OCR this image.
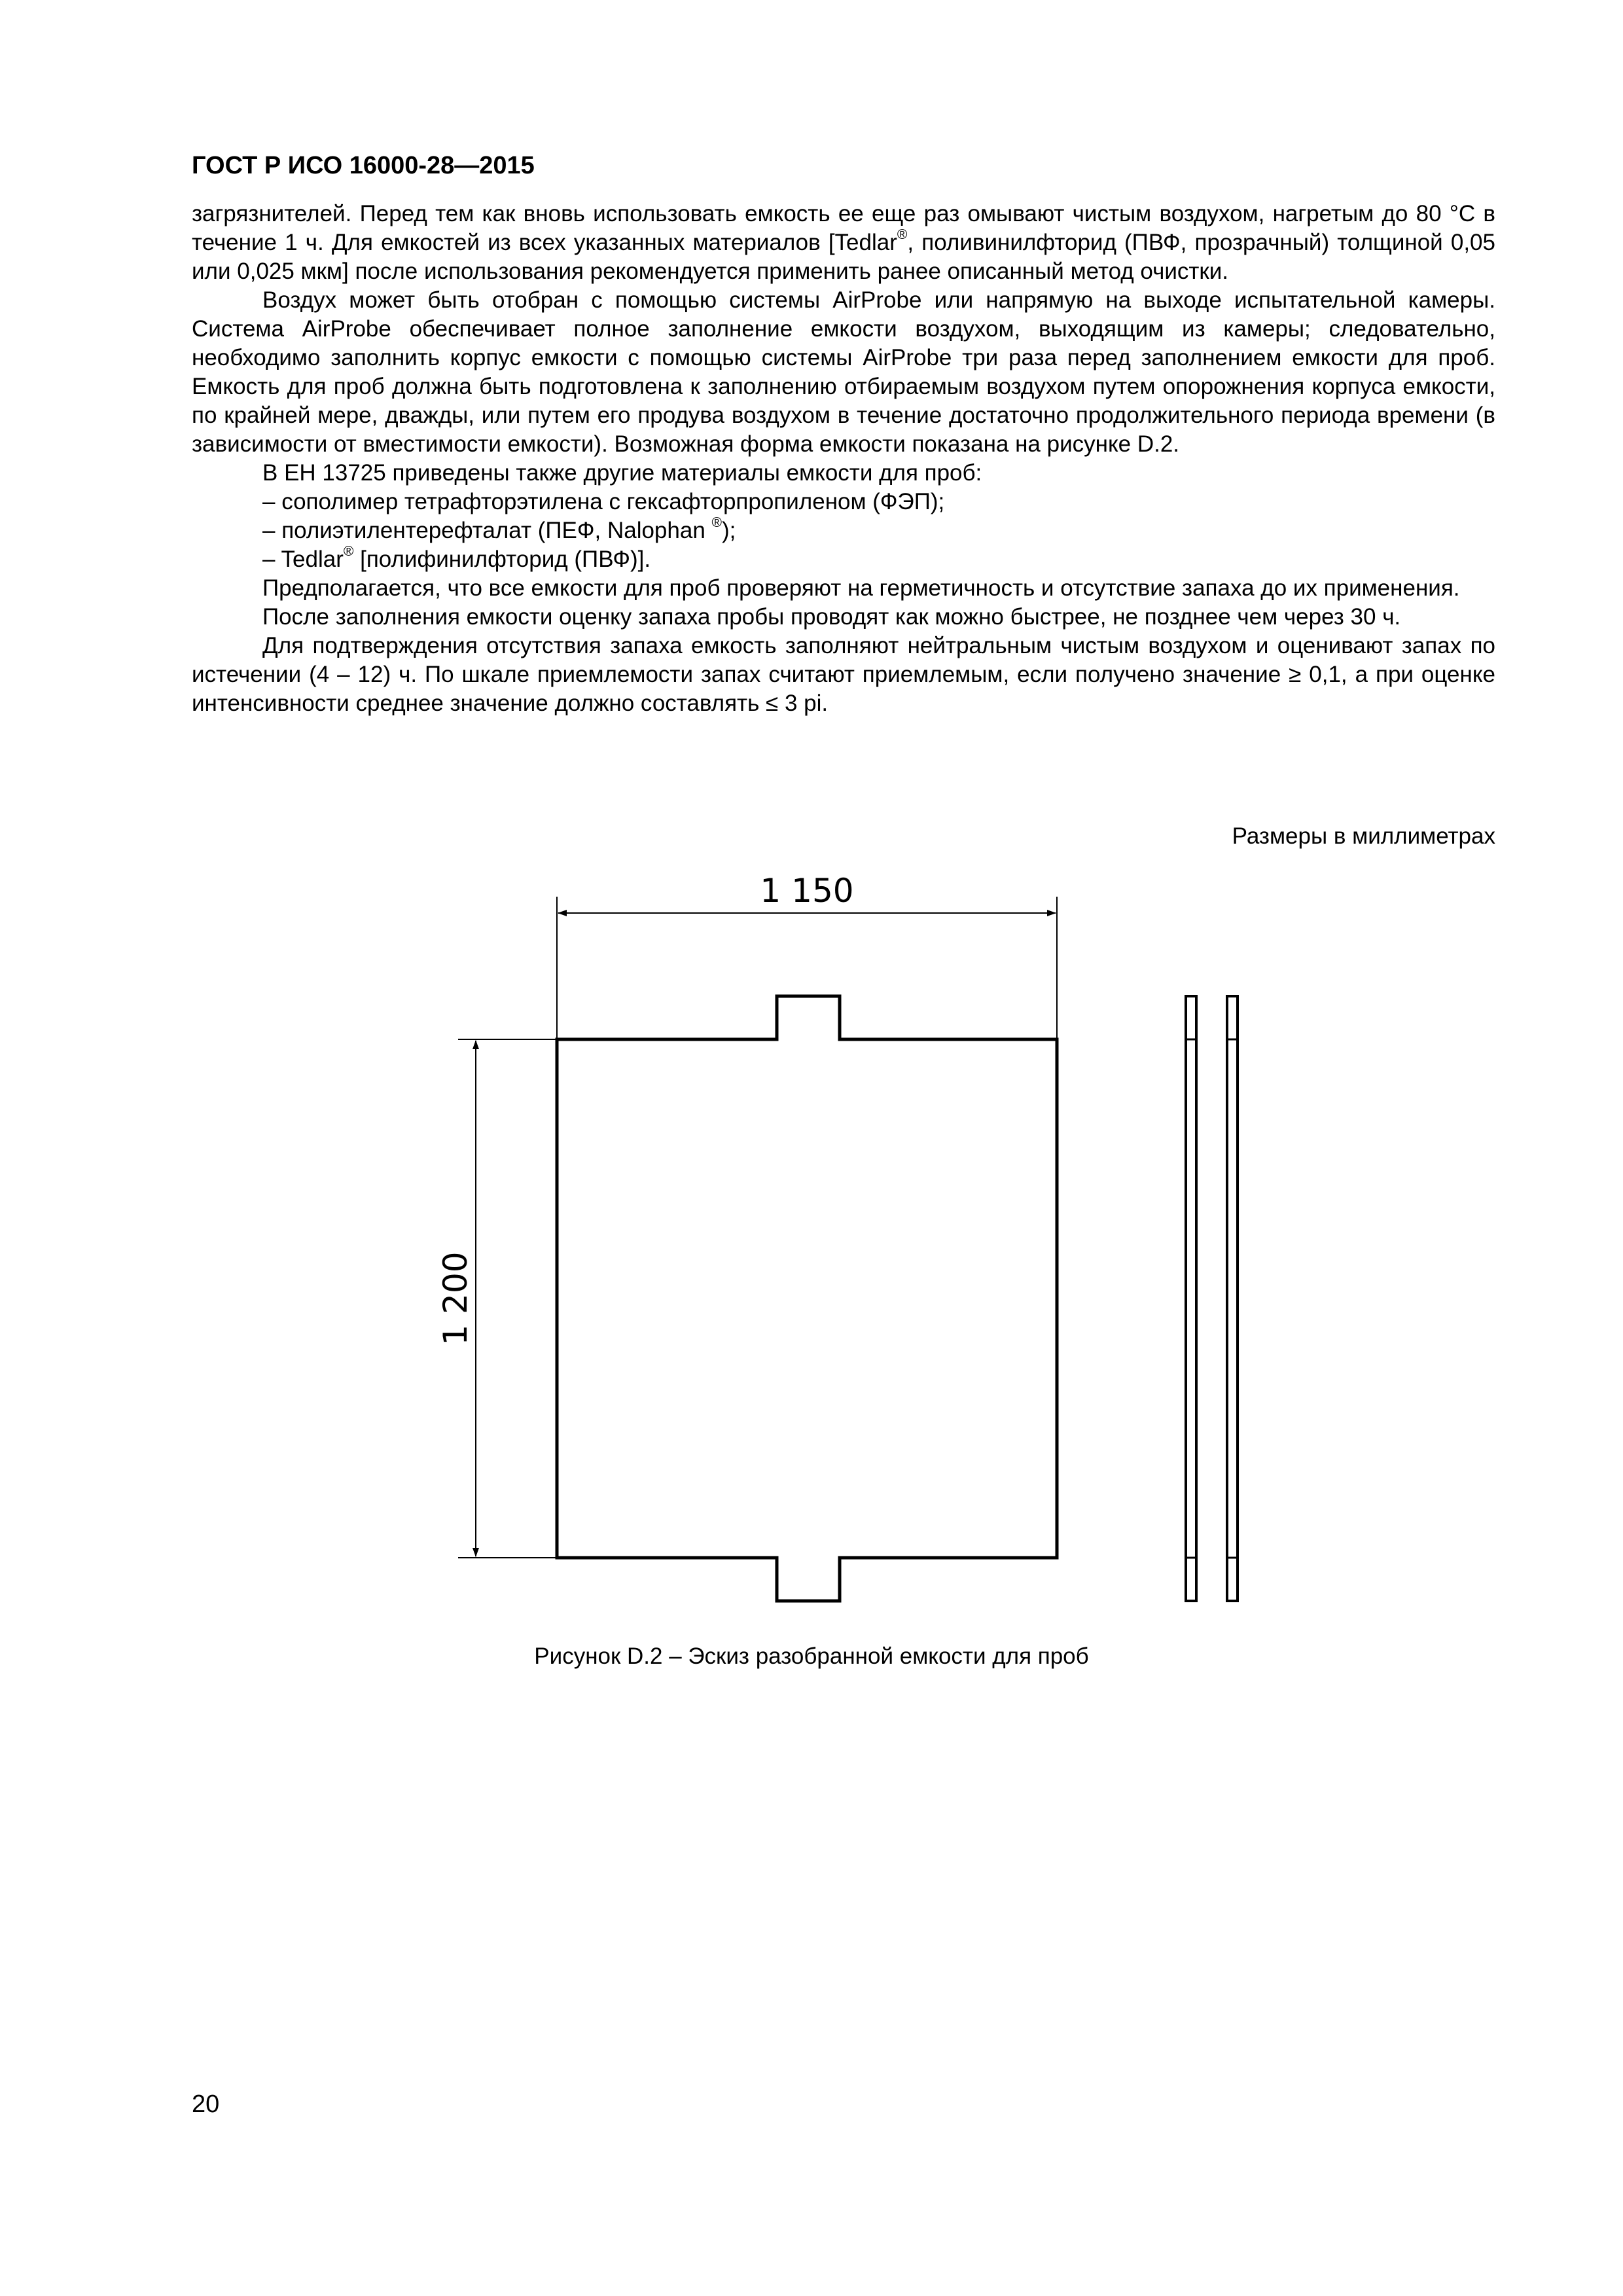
ГОСТ Р ИСО 16000-28—2015

загрязнителей. Перед тем как вновь использовать емкость ее еще раз омывают чистым воздухом, нагретым до 80 °С в течение 1 ч. Для емкостей из всех указанных материалов [Tedlar®, поливинилфторид (ПВФ, прозрачный) толщиной 0,05 или 0,025 мкм] после использования рекомендуется применить ранее описанный метод очистки.

Воздух может быть отобран с помощью системы AirProbe или напрямую на выходе испытательной камеры. Система AirProbe обеспечивает полное заполнение емкости воздухом, выходящим из камеры; следовательно, необходимо заполнить корпус емкости с помощью системы AirProbe три раза перед заполнением емкости для проб. Емкость для проб должна быть подготовлена к заполнению отбираемым воздухом путем опорожнения корпуса емкости, по крайней мере, дважды, или путем его продува воздухом в течение достаточно продолжительного периода времени (в зависимости от вместимости емкости). Возможная форма емкости показана на рисунке D.2.

В ЕН 13725 приведены также другие материалы емкости для проб:

– сополимер тетрафторэтилена с гексафторпропиленом (ФЭП);

– полиэтилентерефталат (ПЕФ, Nalophan ®);

– Tedlar® [полифинилфторид (ПВФ)].

Предполагается, что все емкости для проб проверяют на герметичность и отсутствие запаха до их применения.

После заполнения емкости оценку запаха пробы проводят как можно быстрее, не позднее чем через 30 ч.

Для подтверждения отсутствия запаха емкость заполняют нейтральным чистым воздухом и оценивают запах по истечении (4 – 12) ч. По шкале приемлемости запах считают приемлемым, если получено значение ≥ 0,1, а при оценке интенсивности среднее значение должно составлять ≤ 3 pi.

Размеры в миллиметрах
1 150
1 200
Рисунок D.2 – Эскиз разобранной емкости для проб
20
